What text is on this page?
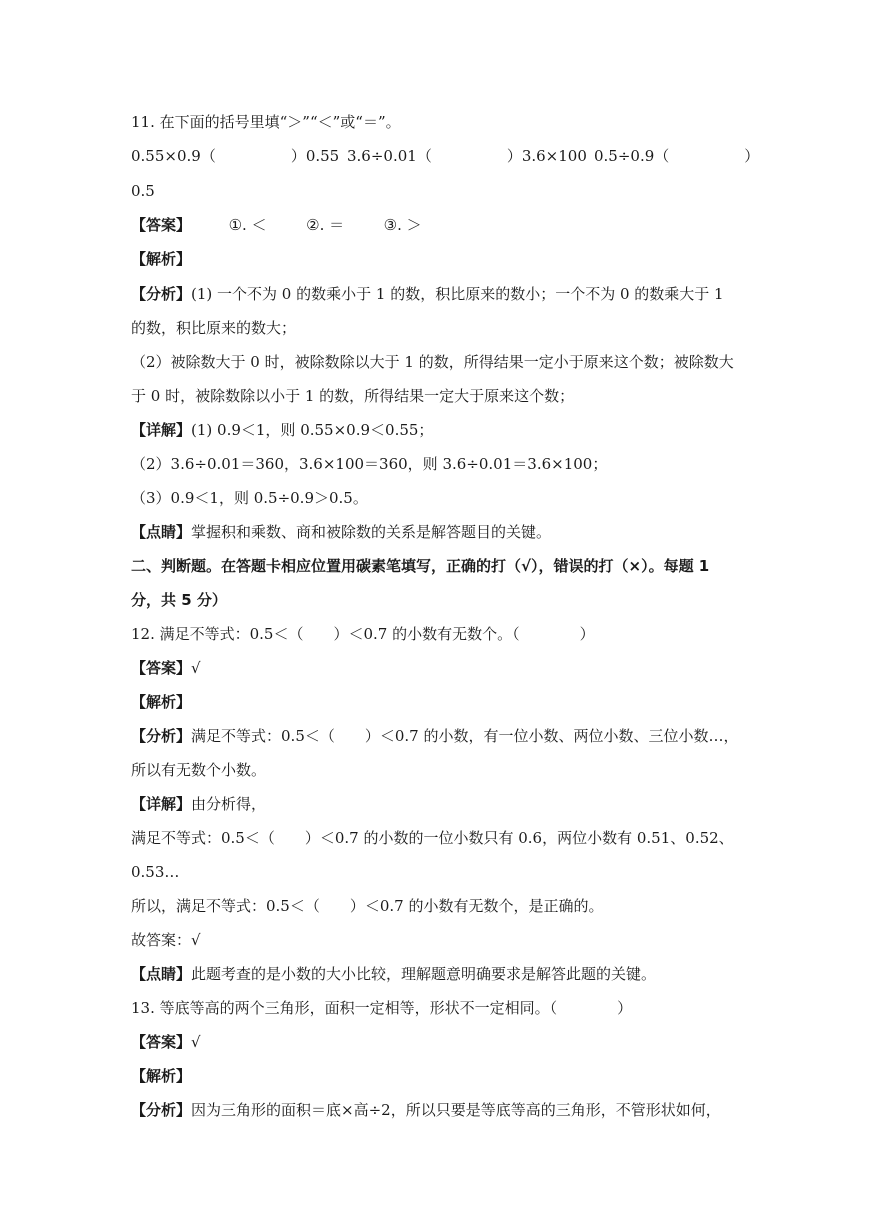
11. 在下面的括号里填“＞”“＜”或“＝”。
0.55×0.9（　　　　　）0.55 3.6÷0.01（　　　　　）3.6×100 0.5÷0.9（　　　　　）
0.5
【答案】	①. ＜	②. ＝	③. ＞
【解析】
【分析】(1) 一个不为 0 的数乘小于 1 的数，积比原来的数小；一个不为 0 的数乘大于 1
的数，积比原来的数大；
（2）被除数大于 0 时，被除数除以大于 1 的数，所得结果一定小于原来这个数；被除数大
于 0 时，被除数除以小于 1 的数，所得结果一定大于原来这个数；
【详解】(1) 0.9＜1，则 0.55×0.9＜0.55；
（2）3.6÷0.01＝360，3.6×100＝360，则 3.6÷0.01＝3.6×100；
（3）0.9＜1，则 0.5÷0.9＞0.5。
【点睛】掌握积和乘数、商和被除数的关系是解答题目的关键。
二、判断题。在答题卡相应位置用碳素笔填写，正确的打（√），错误的打（×）。每题 1
分，共 5 分）
12. 满足不等式：0.5＜（　　）＜0.7 的小数有无数个。（　　　　）
【答案】√
【解析】
【分析】满足不等式：0.5＜（　　）＜0.7 的小数，有一位小数、两位小数、三位小数…，
所以有无数个小数。
【详解】由分析得，
满足不等式：0.5＜（　　）＜0.7 的小数的一位小数只有 0.6，两位小数有 0.51、0.52、
0.53…
所以，满足不等式：0.5＜（　　）＜0.7 的小数有无数个，是正确的。
故答案：√
【点睛】此题考查的是小数的大小比较，理解题意明确要求是解答此题的关键。
13. 等底等高的两个三角形，面积一定相等，形状不一定相同。（　　　　）
【答案】√
【解析】
【分析】因为三角形的面积＝底×高÷2，所以只要是等底等高的三角形，不管形状如何，
